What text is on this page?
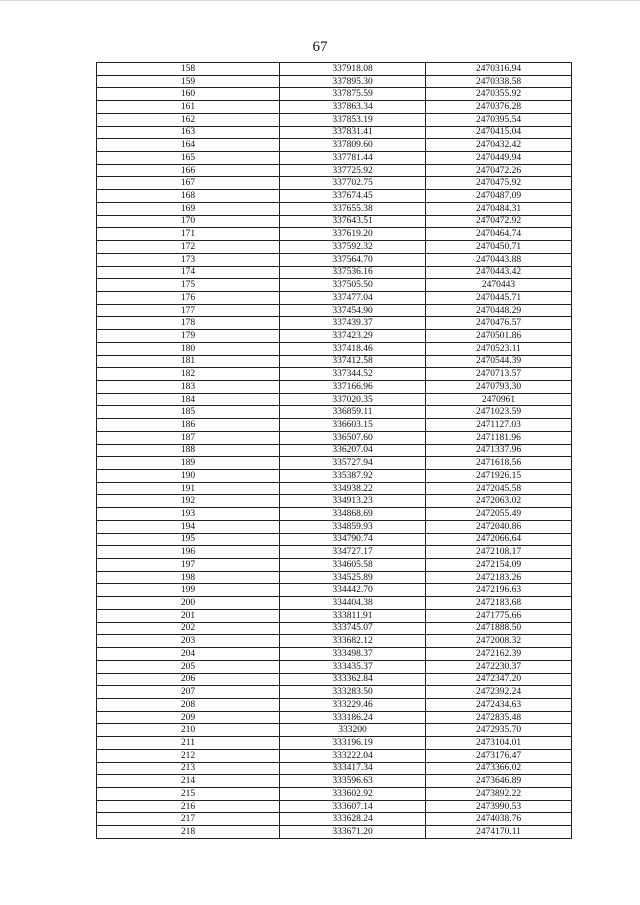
67
158	337918.08	2470316.94
159	337895.30	2470338.58
160	337875.59	2470355.92
161	337863.34	2470376.28
162	337853.19	2470395.54
163	337831.41	2470415.04
164	337809.60	2470432.42
165	337781.44	2470449.94
166	337725.92	2470472.26
167	337702.75	2470475.92
168	337674.45	2470487.09
169	337655.38	2470484.31
170	337643.51	2470472.92
171	337619.20	2470464.74
172	337592.32	2470450.71
173	337564.70	2470443.88
174	337536.16	2470443.42
175	337505.50	2470443
176	337477.04	2470445.71
177	337454.90	2470448.29
178	337439.37	2470476.57
179	337423.29	2470501.86
180	337418.46	2470523.11
181	337412.58	2470544.39
182	337344.52	2470713.57
183	337166.96	2470793.30
184	337020.35	2470961
185	336859.11	2471023.59
186	336603.15	2471127.03
187	336507.60	2471181.96
188	336207.04	2471337.96
189	335727.94	2471618.56
190	335387.92	2471926.15
191	334938.22	2472045.58
192	334913.23	2472063.02
193	334868.69	2472055.49
194	334859.93	2472040.86
195	334790.74	2472066.64
196	334727.17	2472108.17
197	334605.58	2472154.09
198	334525.89	2472183.26
199	334442.70	2472196.63
200	334404.38	2472183.68
201	333811.91	2471775.66
202	333745.07	2471888.50
203	333682.12	2472008.32
204	333498.37	2472162.39
205	333435.37	2472230.37
206	333362.84	2472347.20
207	333283.50	2472392.24
208	333229.46	2472434.63
209	333186.24	2472835.48
210	333200	2472935.70
211	333196.19	2473104.01
212	333222.04	2473176.47
213	333417.34	2473366.02
214	333596.63	2473646.89
215	333602.92	2473892.22
216	333607.14	2473990.53
217	333628.24	2474038.76
218	333671.20	2474170.11
